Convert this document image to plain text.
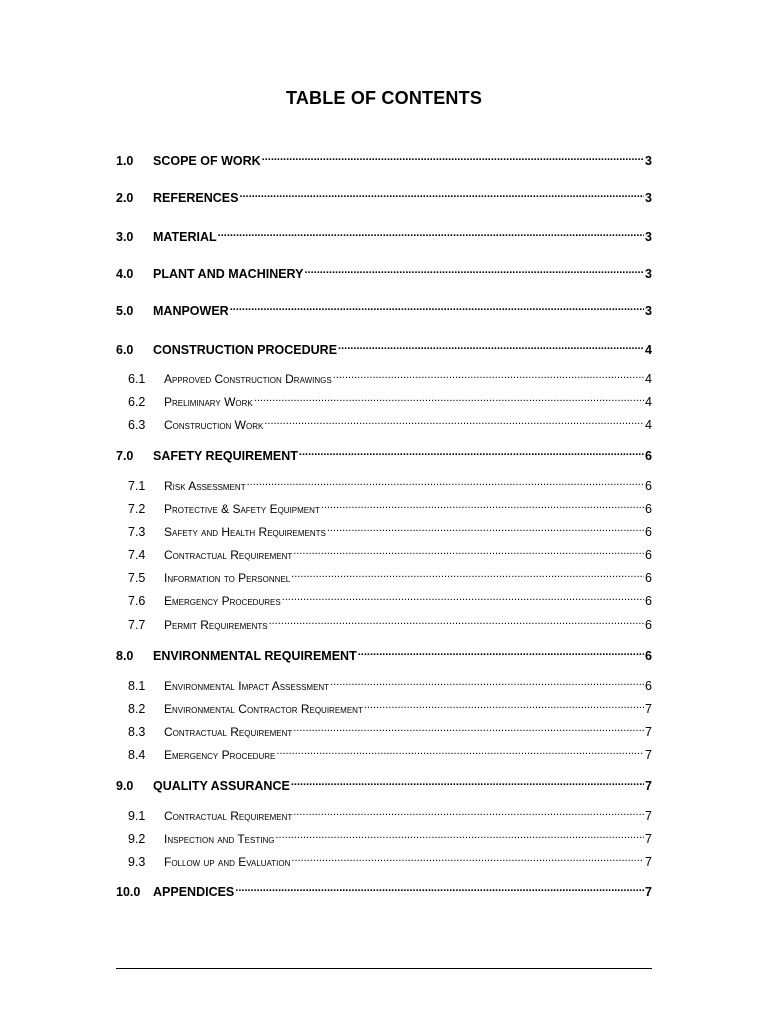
TABLE OF CONTENTS
1.0	SCOPE OF WORK .....	3
2.0	REFERENCES .....	3
3.0	MATERIAL .....	3
4.0	PLANT AND MACHINERY .....	3
5.0	MANPOWER .....	3
6.0	CONSTRUCTION PROCEDURE .....	4
6.1	Approved Construction Drawings .....	4
6.2	Preliminary Work .....	4
6.3	Construction Work .....	4
7.0	SAFETY REQUIREMENT .....	6
7.1	Risk Assessment .....	6
7.2	Protective & Safety Equipment .....	6
7.3	Safety and Health Requirements .....	6
7.4	Contractual Requirement .....	6
7.5	Information to Personnel .....	6
7.6	Emergency Procedures .....	6
7.7	Permit Requirements .....	6
8.0	ENVIRONMENTAL REQUIREMENT .....	6
8.1	Environmental Impact Assessment .....	6
8.2	Environmental Contractor Requirement .....	7
8.3	Contractual Requirement .....	7
8.4	Emergency Procedure .....	7
9.0	QUALITY ASSURANCE .....	7
9.1	Contractual Requirement .....	7
9.2	Inspection and Testing .....	7
9.3	Follow up and Evaluation .....	7
10.0	APPENDICES .....	7
